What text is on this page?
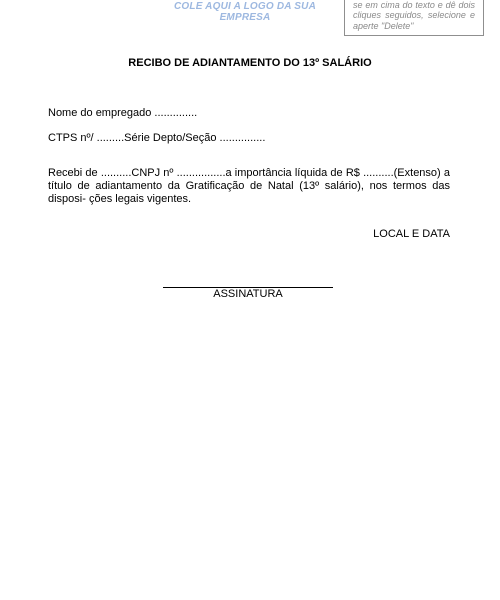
COLE AQUI A LOGO DA SUA EMPRESA
se em cima do texto e dê dois cliques seguidos, selecione e aperte "Delete"
RECIBO DE ADIANTAMENTO DO 13º SALÁRIO
Nome do empregado ..............
CTPS nº/ .........Série Depto/Seção ...............
Recebi de ..........CNPJ nº ................a importância líquida de R$ ..........(Extenso) a título de adiantamento da Gratificação de Natal (13º salário), nos termos das disposi- ções legais vigentes.
LOCAL E DATA
ASSINATURA
